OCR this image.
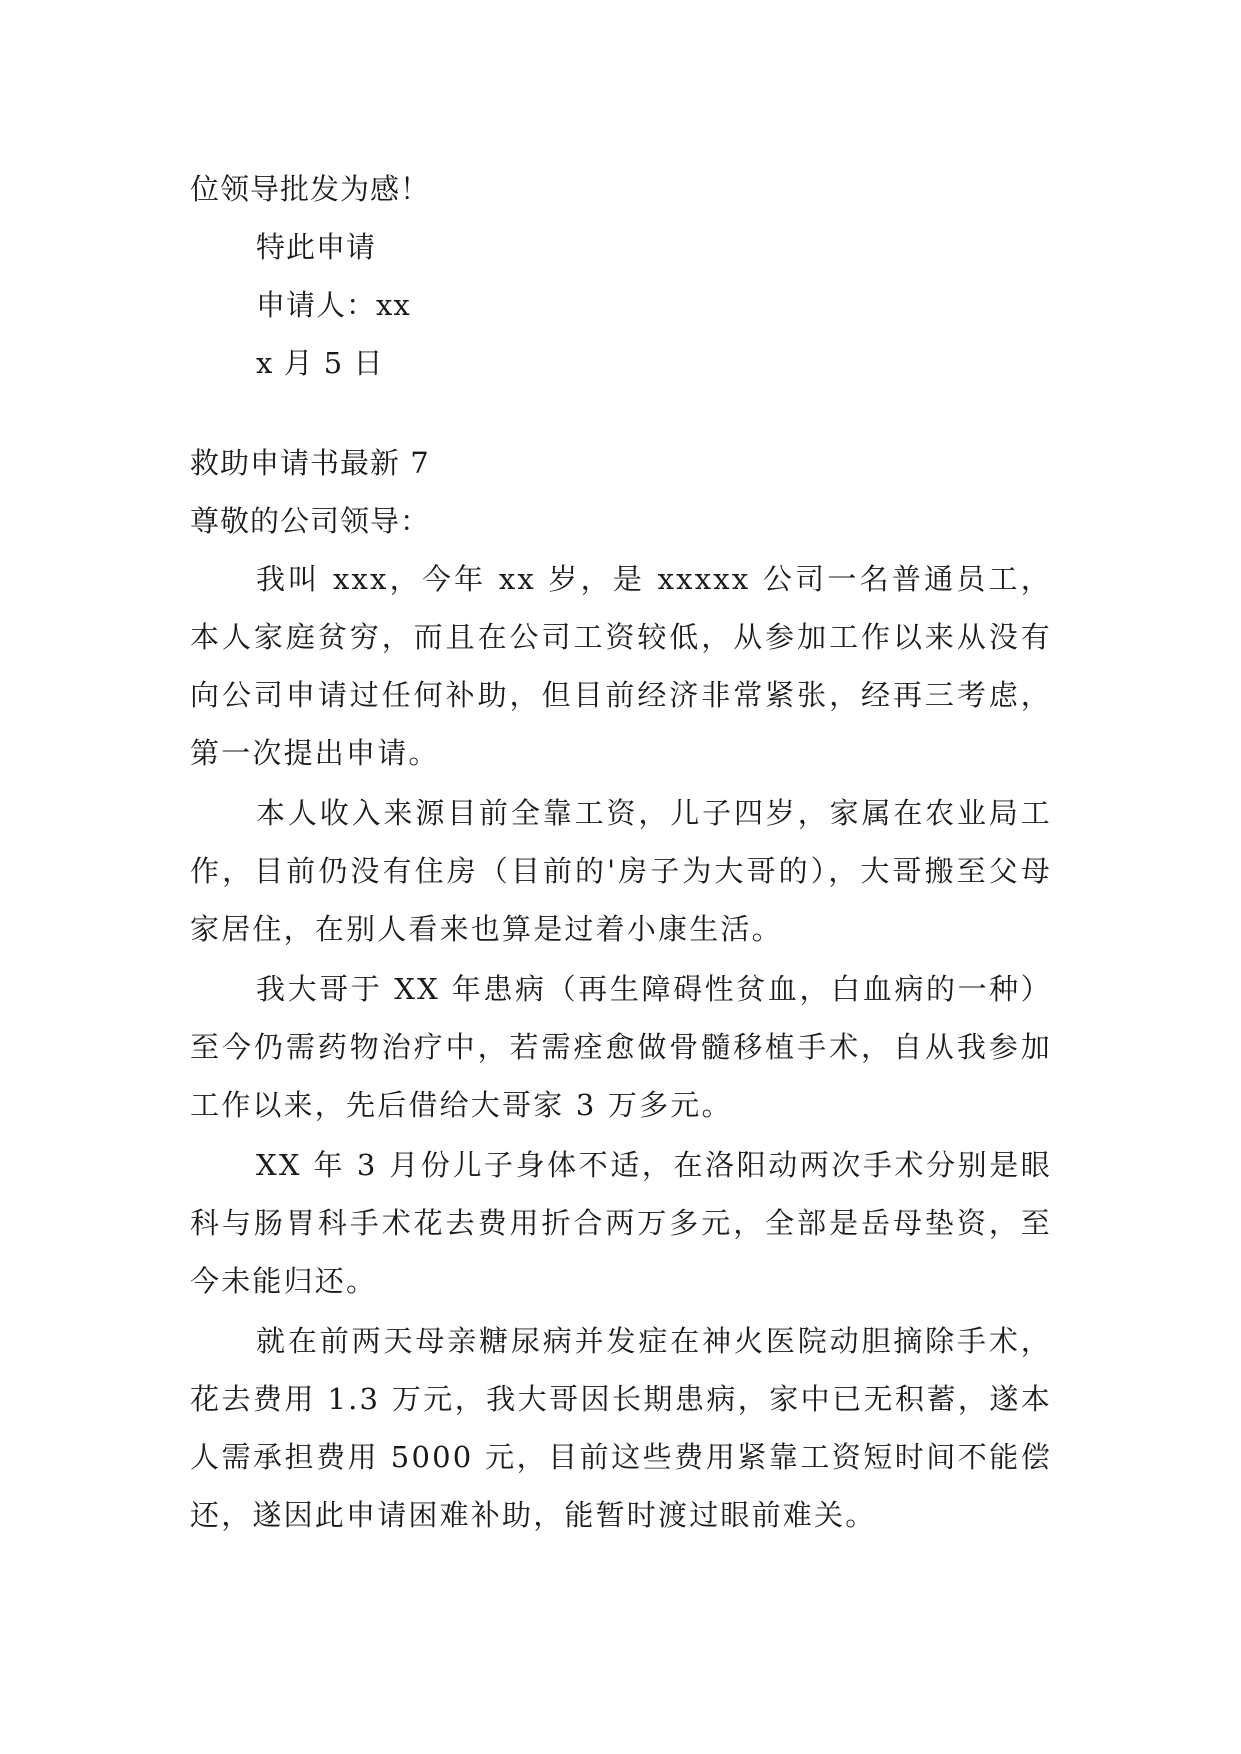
位领导批发为感！
特此申请
申请人：xx
x 月 5 日
救助申请书最新 7
尊敬的公司领导：

我叫 xxx，今年 xx 岁，是 xxxxx 公司一名普通员工，本人家庭贫穷，而且在公司工资较低，从参加工作以来从没有向公司申请过任何补助，但目前经济非常紧张，经再三考虑，第一次提出申请。

本人收入来源目前全靠工资，儿子四岁，家属在农业局工作，目前仍没有住房（目前的'房子为大哥的），大哥搬至父母家居住，在别人看来也算是过着小康生活。

我大哥于 XX 年患病（再生障碍性贫血，白血病的一种）至今仍需药物治疗中，若需痊愈做骨髓移植手术，自从我参加工作以来，先后借给大哥家 3 万多元。

XX 年 3 月份儿子身体不适，在洛阳动两次手术分别是眼科与肠胃科手术花去费用折合两万多元，全部是岳母垫资，至今未能归还。

就在前两天母亲糖尿病并发症在神火医院动胆摘除手术，花去费用 1.3 万元，我大哥因长期患病，家中已无积蓄，遂本人需承担费用 5000 元，目前这些费用紧靠工资短时间不能偿还，遂因此申请困难补助，能暂时渡过眼前难关。
